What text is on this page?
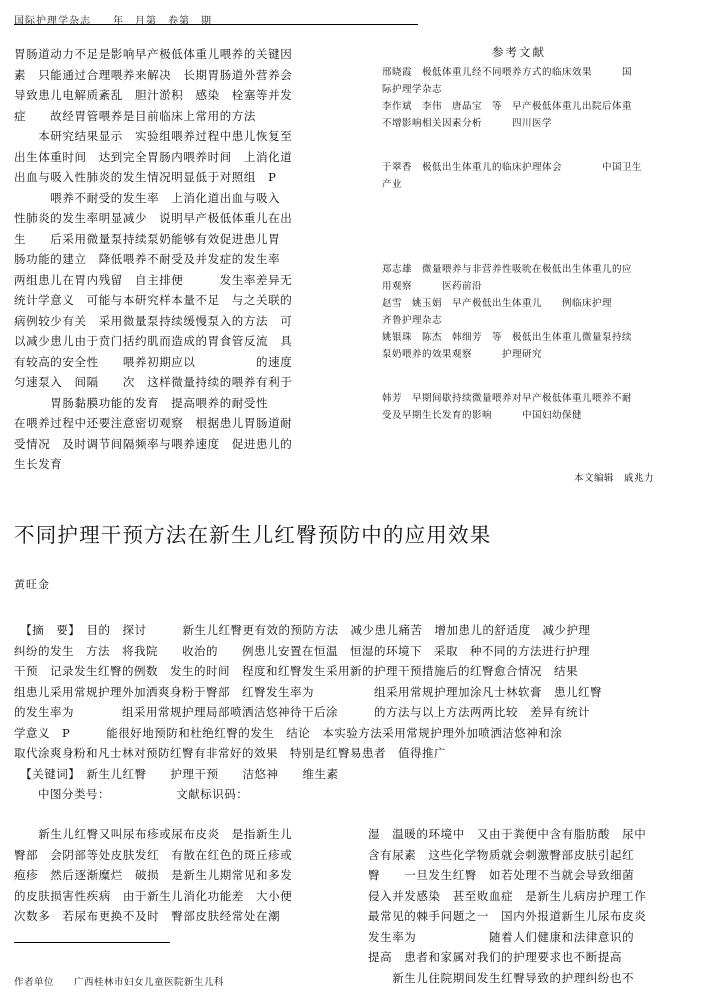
国际护理学杂志　　年　月第　卷第　期

胃肠道动力不足是影响早产极低体重儿喂养的关键因

素　只能通过合理喂养来解决　长期胃肠道外营养会

导致患儿电解质紊乱　胆汁淤积　感染　栓塞等并发

症　　故经胃管喂养是目前临床上常用的方法

　　本研究结果显示　实验组喂养过程中患儿恢复至

出生体重时间　达到完全胃肠内喂养时间　上消化道

出血与吸入性肺炎的发生情况明显低于对照组　P

　　　喂养不耐受的发生率　上消化道出血与吸入

性肺炎的发生率明显减少　说明早产极低体重儿在出

生　　后采用微量泵持续泵奶能够有效促进患儿胃

肠功能的建立　降低喂养不耐受及并发症的发生率

两组患儿在胃内残留　自主排便　　　发生率差异无

统计学意义　可能与本研究样本量不足　与之关联的

病例较少有关　采用微量泵持续缓慢泵入的方法　可

以减少患儿由于贲门括约肌而造成的胃食管反流　具

有较高的安全性　　喂养初期应以　　　　　的速度

匀速泵入　间隔　　次　这样微量持续的喂养有利于

　　　胃肠黏膜功能的发育　提高喂养的耐受性　

在喂养过程中还要注意密切观察　根据患儿胃肠道耐

受情况　及时调节间隔频率与喂养速度　促进患儿的

生长发育

参考文献

邢晓霞　极低体重儿经不同喂养方式的临床效果　　　国

际护理学杂志

李作斌　李伟　唐晶宝　等　早产极低体重儿出院后体重

不增影响相关因素分析　　　四川医学

于翠香　极低出生体重儿的临床护理体会　　　　中国卫生

产业

郑志雄　微量喂养与非营养性吸吮在极低出生体重儿的应

用观察　　　医药前沿

赵雪　姚玉娟　早产极低出生体重儿　　例临床护理

齐鲁护理杂志

姚银珠　陈杰　韩细芳　等　极低出生体重儿微量泵持续

泵奶喂养的效果观察　　　护理研究

韩芳　早期间歇持续微量喂养对早产极低体重儿喂养不耐

受及早期生长发育的影响　　　中国妇幼保健

本文编辑　戚兆力
不同护理干预方法在新生儿红臀预防中的应用效果
黄旺金

　【摘　要】　目的　探讨　　　新生儿红臀更有效的预防方法　减少患儿痛苦　增加患儿的舒适度　减少护理

纠纷的发生　方法　将我院　　收治的　　例患儿安置在恒温　恒湿的环境下　采取　种不同的方法进行护理

干预　记录发生红臀的例数　发生的时间　程度和红臀发生采用新的护理干预措施后的红臀愈合情况　结果

组患儿采用常规护理外加洒爽身粉于臀部　红臀发生率为　　　　　组采用常规护理加涂凡士林软膏　患儿红臀

的发生率为　　　　组采用常规护理局部喷洒洁悠神待干后涂　　　的方法与以上方法两两比较　差异有统计

学意义　P　　　能很好地预防和杜绝红臀的发生　结论　本实验方法采用常规护理外加喷洒洁悠神和涂

取代涂爽身粉和凡士林对预防红臀有非常好的效果　特别是红臀易患者　值得推广

　【关键词】　新生儿红臀　　护理干预　　洁悠神　　维生素

　　中图分类号：　　　　　　文献标识码：

　　新生儿红臀又叫尿布疹或尿布皮炎　是指新生儿

臀部　会阴部等处皮肤发红　有散在红色的斑丘疹或

疱疹　然后逐渐糜烂　破损　是新生儿期常见和多发

的皮肤损害性疾病　由于新生儿消化功能差　大小便

次数多　若尿布更换不及时　臀部皮肤经常处在潮

湿　温暖的环境中　又由于粪便中含有脂肪酸　尿中

含有尿素　这些化学物质就会刺激臀部皮肤引起红

臀　　一旦发生红臀　如若处理不当就会导致细菌

侵入并发感染　甚至败血症　是新生儿病房护理工作

最常见的棘手问题之一　国内外报道新生儿尿布皮炎

发生率为　　　　　　随着人们健康和法律意识的

提高　患者和家属对我们的护理要求也不断提高

　　新生儿住院期间发生红臀导致的护理纠纷也不

作者单位　　广西桂林市妇女儿童医院新生儿科
